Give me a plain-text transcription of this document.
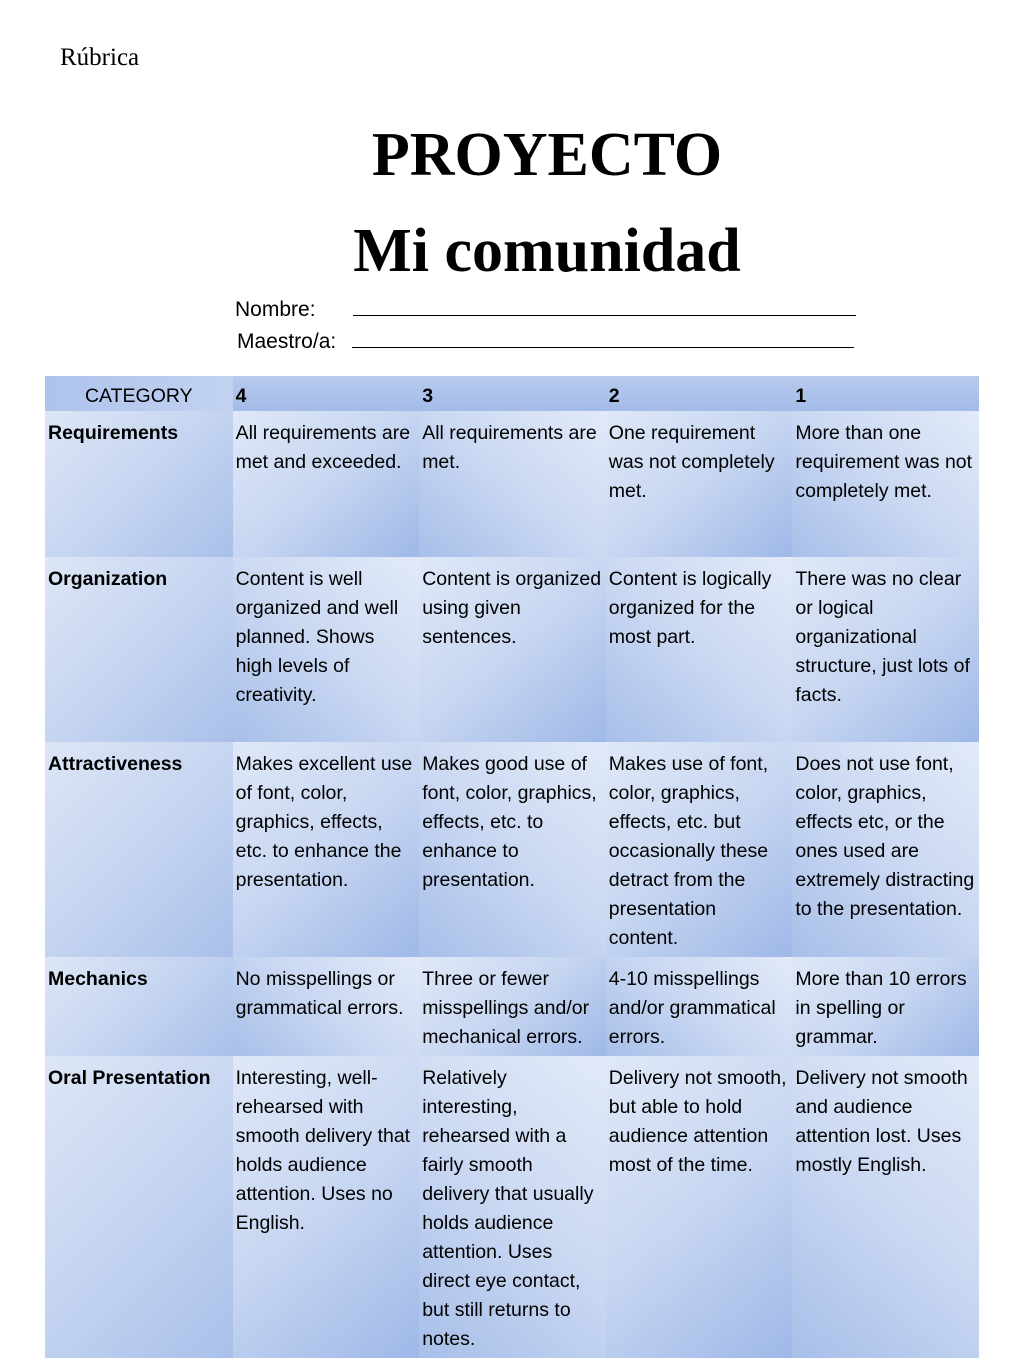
Rúbrica
PROYECTO
Mi comunidad
Nombre:
Maestro/a:
CATEGORY	4	3	2	1
Requirements	All requirements are met and exceeded.	All requirements are met.	One requirement was not completely met.	More than one requirement was not completely met.
Organization	Content is well organized and well planned. Shows high levels of creativity.	Content is organized using given sentences.	Content is logically organized for the most part.	There was no clear or logical organizational structure, just lots of facts.
Attractiveness	Makes excellent use of font, color, graphics, effects, etc. to enhance the presentation.	Makes good use of font, color, graphics, effects, etc. to enhance to presentation.	Makes use of font, color, graphics, effects, etc. but occasionally these detract from the presentation content.	Does not use font, color, graphics, effects etc, or the ones used are extremely distracting to the presentation.
Mechanics	No misspellings or grammatical errors.	Three or fewer misspellings and/or mechanical errors.	4-10 misspellings and/or grammatical errors.	More than 10 errors in spelling or grammar.
Oral Presentation	Interesting, well-rehearsed with smooth delivery that holds audience attention. Uses no English.	Relatively interesting, rehearsed with a fairly smooth delivery that usually holds audience attention. Uses direct eye contact, but still returns to notes.	Delivery not smooth, but able to hold audience attention most of the time.	Delivery not smooth and audience attention lost. Uses mostly English.
